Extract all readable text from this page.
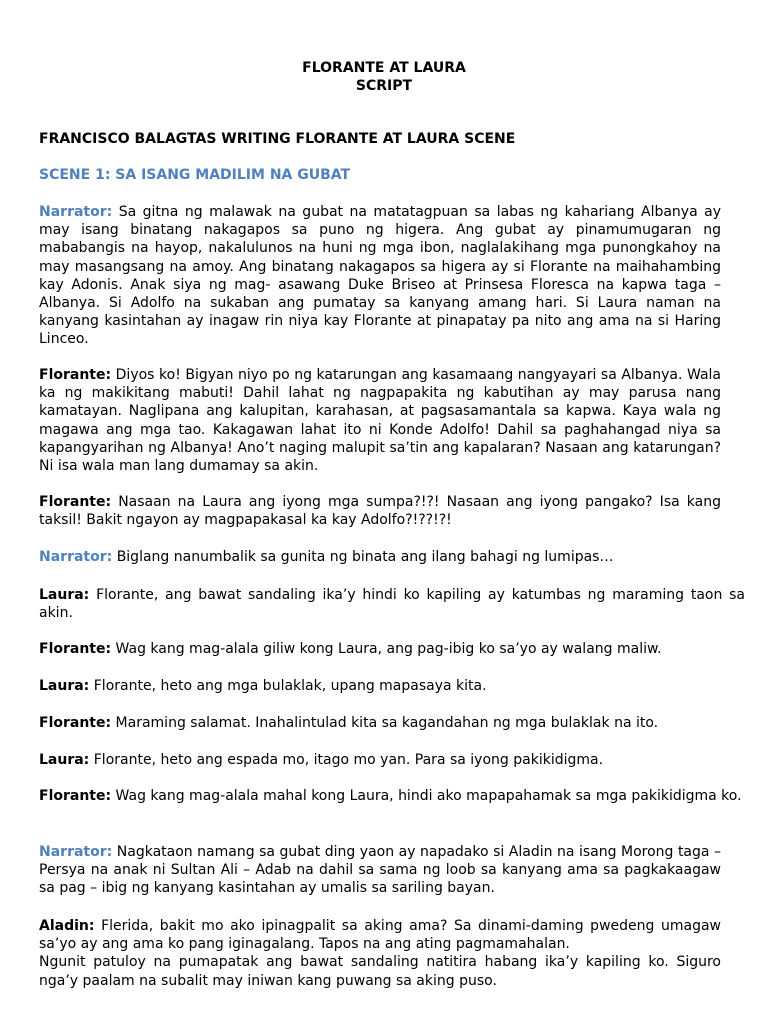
FLORANTE AT LAURA
SCRIPT
FRANCISCO BALAGTAS WRITING FLORANTE AT LAURA SCENE
SCENE 1: SA ISANG MADILIM NA GUBAT
Narrator: Sa gitna ng malawak na gubat na matatagpuan sa labas ng kahariang Albanya ay may isang binatang nakagapos sa puno ng higera. Ang gubat ay pinamumugaran ng mababangis na hayop, nakalulunos na huni ng mga ibon, naglalakihang mga punongkahoy na may masangsang na amoy. Ang binatang nakagapos sa higera ay si Florante na maihahambing kay Adonis. Anak siya ng mag- asawang Duke Briseo at Prinsesa Floresca na kapwa taga – Albanya. Si Adolfo na sukaban ang pumatay sa kanyang amang hari. Si Laura naman na kanyang kasintahan ay inagaw rin niya kay Florante at pinapatay pa nito ang ama na si Haring Linceo.
Florante: Diyos ko! Bigyan niyo po ng katarungan ang kasamaang nangyayari sa Albanya. Wala ka ng makikitang mabuti! Dahil lahat ng nagpapakita ng kabutihan ay may parusa nang kamatayan. Naglipana ang kalupitan, karahasan, at pagsasamantala sa kapwa. Kaya wala ng magawa ang mga tao. Kakagawan lahat ito ni Konde Adolfo! Dahil sa paghahangad niya sa kapangyarihan ng Albanya! Ano’t naging malupit sa’tin ang kapalaran? Nasaan ang katarungan? Ni isa wala man lang dumamay sa akin.
Florante: Nasaan na Laura ang iyong mga sumpa?!?! Nasaan ang iyong pangako? Isa kang taksil! Bakit ngayon ay magpapakasal ka kay Adolfo?!??!?!
Narrator: Biglang nanumbalik sa gunita ng binata ang ilang bahagi ng lumipas…
Laura: Florante, ang bawat sandaling ika’y hindi ko kapiling ay katumbas ng maraming taon sa akin.
Florante: Wag kang mag-alala giliw kong Laura, ang pag-ibig ko sa’yo ay walang maliw.
Laura: Florante, heto ang mga bulaklak, upang mapasaya kita.
Florante: Maraming salamat. Inahalintulad kita sa kagandahan ng mga bulaklak na ito.
Laura: Florante, heto ang espada mo, itago mo yan. Para sa iyong pakikidigma.
Florante: Wag kang mag-alala mahal kong Laura, hindi ako mapapahamak sa mga pakikidigma ko.
Narrator: Nagkataon namang sa gubat ding yaon ay napadako si Aladin na isang Morong taga – Persya na anak ni Sultan Ali – Adab na dahil sa sama ng loob sa kanyang ama sa pagkakaagaw sa pag – ibig ng kanyang kasintahan ay umalis sa sariling bayan.
Aladin: Flerida, bakit mo ako ipinagpalit sa aking ama? Sa dinami-daming pwedeng umagaw sa’yo ay ang ama ko pang iginagalang. Tapos na ang ating pagmamahalan.
Ngunit patuloy na pumapatak ang bawat sandaling natitira habang ika’y kapiling ko. Siguro nga’y paalam na subalit may iniwan kang puwang sa aking puso.
